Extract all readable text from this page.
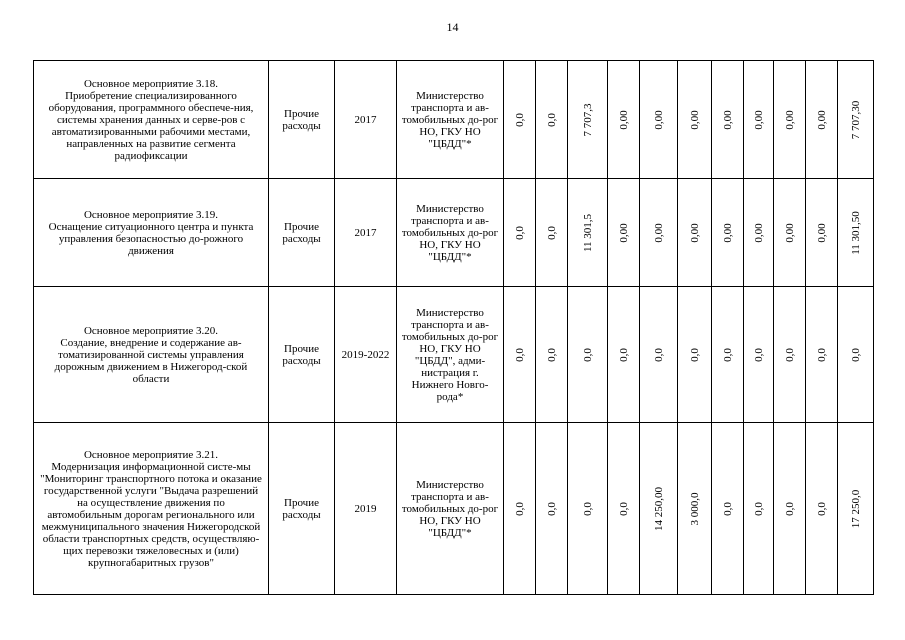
14
Основное мероприятие 3.18.
Приобретение специализированного оборудования, программного обеспече-ния, системы хранения данных и серве-ров с автоматизированными рабочими местами, направленных на развитие сегмента радиофиксации	Прочие расходы	2017	Министерство транспорта и ав-томобильных до-рог НО, ГКУ НО "ЦБДД"*	0,0	0,0	7 707,3	0,00	0,00	0,00	0,00	0,00	0,00	0,00	7 707,30

Основное мероприятие 3.19.
Оснащение ситуационного центра и пункта управления безопасностью до-рожного движения	Прочие расходы	2017	Министерство транспорта и ав-томобильных до-рог НО, ГКУ НО "ЦБДД"*	0,0	0,0	11 301,5	0,00	0,00	0,00	0,00	0,00	0,00	0,00	11 301,50

Основное мероприятие 3.20.
Создание, внедрение и содержание ав-томатизированной системы управления дорожным движением в Нижегород-ской области	Прочие расходы	2019-2022	Министерство транспорта и ав-томобильных до-рог НО, ГКУ НО "ЦБДД", адми-нистрация г. Нижнего Новго-рода*	0,0	0,0	0,0	0,0	0,0	0,0	0,0	0,0	0,0	0,0	0,0

Основное мероприятие 3.21.
Модернизация информационной систе-мы "Мониторинг транспортного потока и оказание государственной услуги "Выдача разрешений на осуществление движения по автомобильным дорогам регионального или межмуниципального значения Нижегородской области транспортных средств, осуществляю-щих перевозки тяжеловесных и (или) крупногабаритных грузов"	Прочие расходы	2019	Министерство транспорта и ав-томобильных до-рог НО, ГКУ НО "ЦБДД"*	0,0	0,0	0,0	0,0	14 250,00	3 000,0	0,0	0,0	0,0	0,0	17 250,0
